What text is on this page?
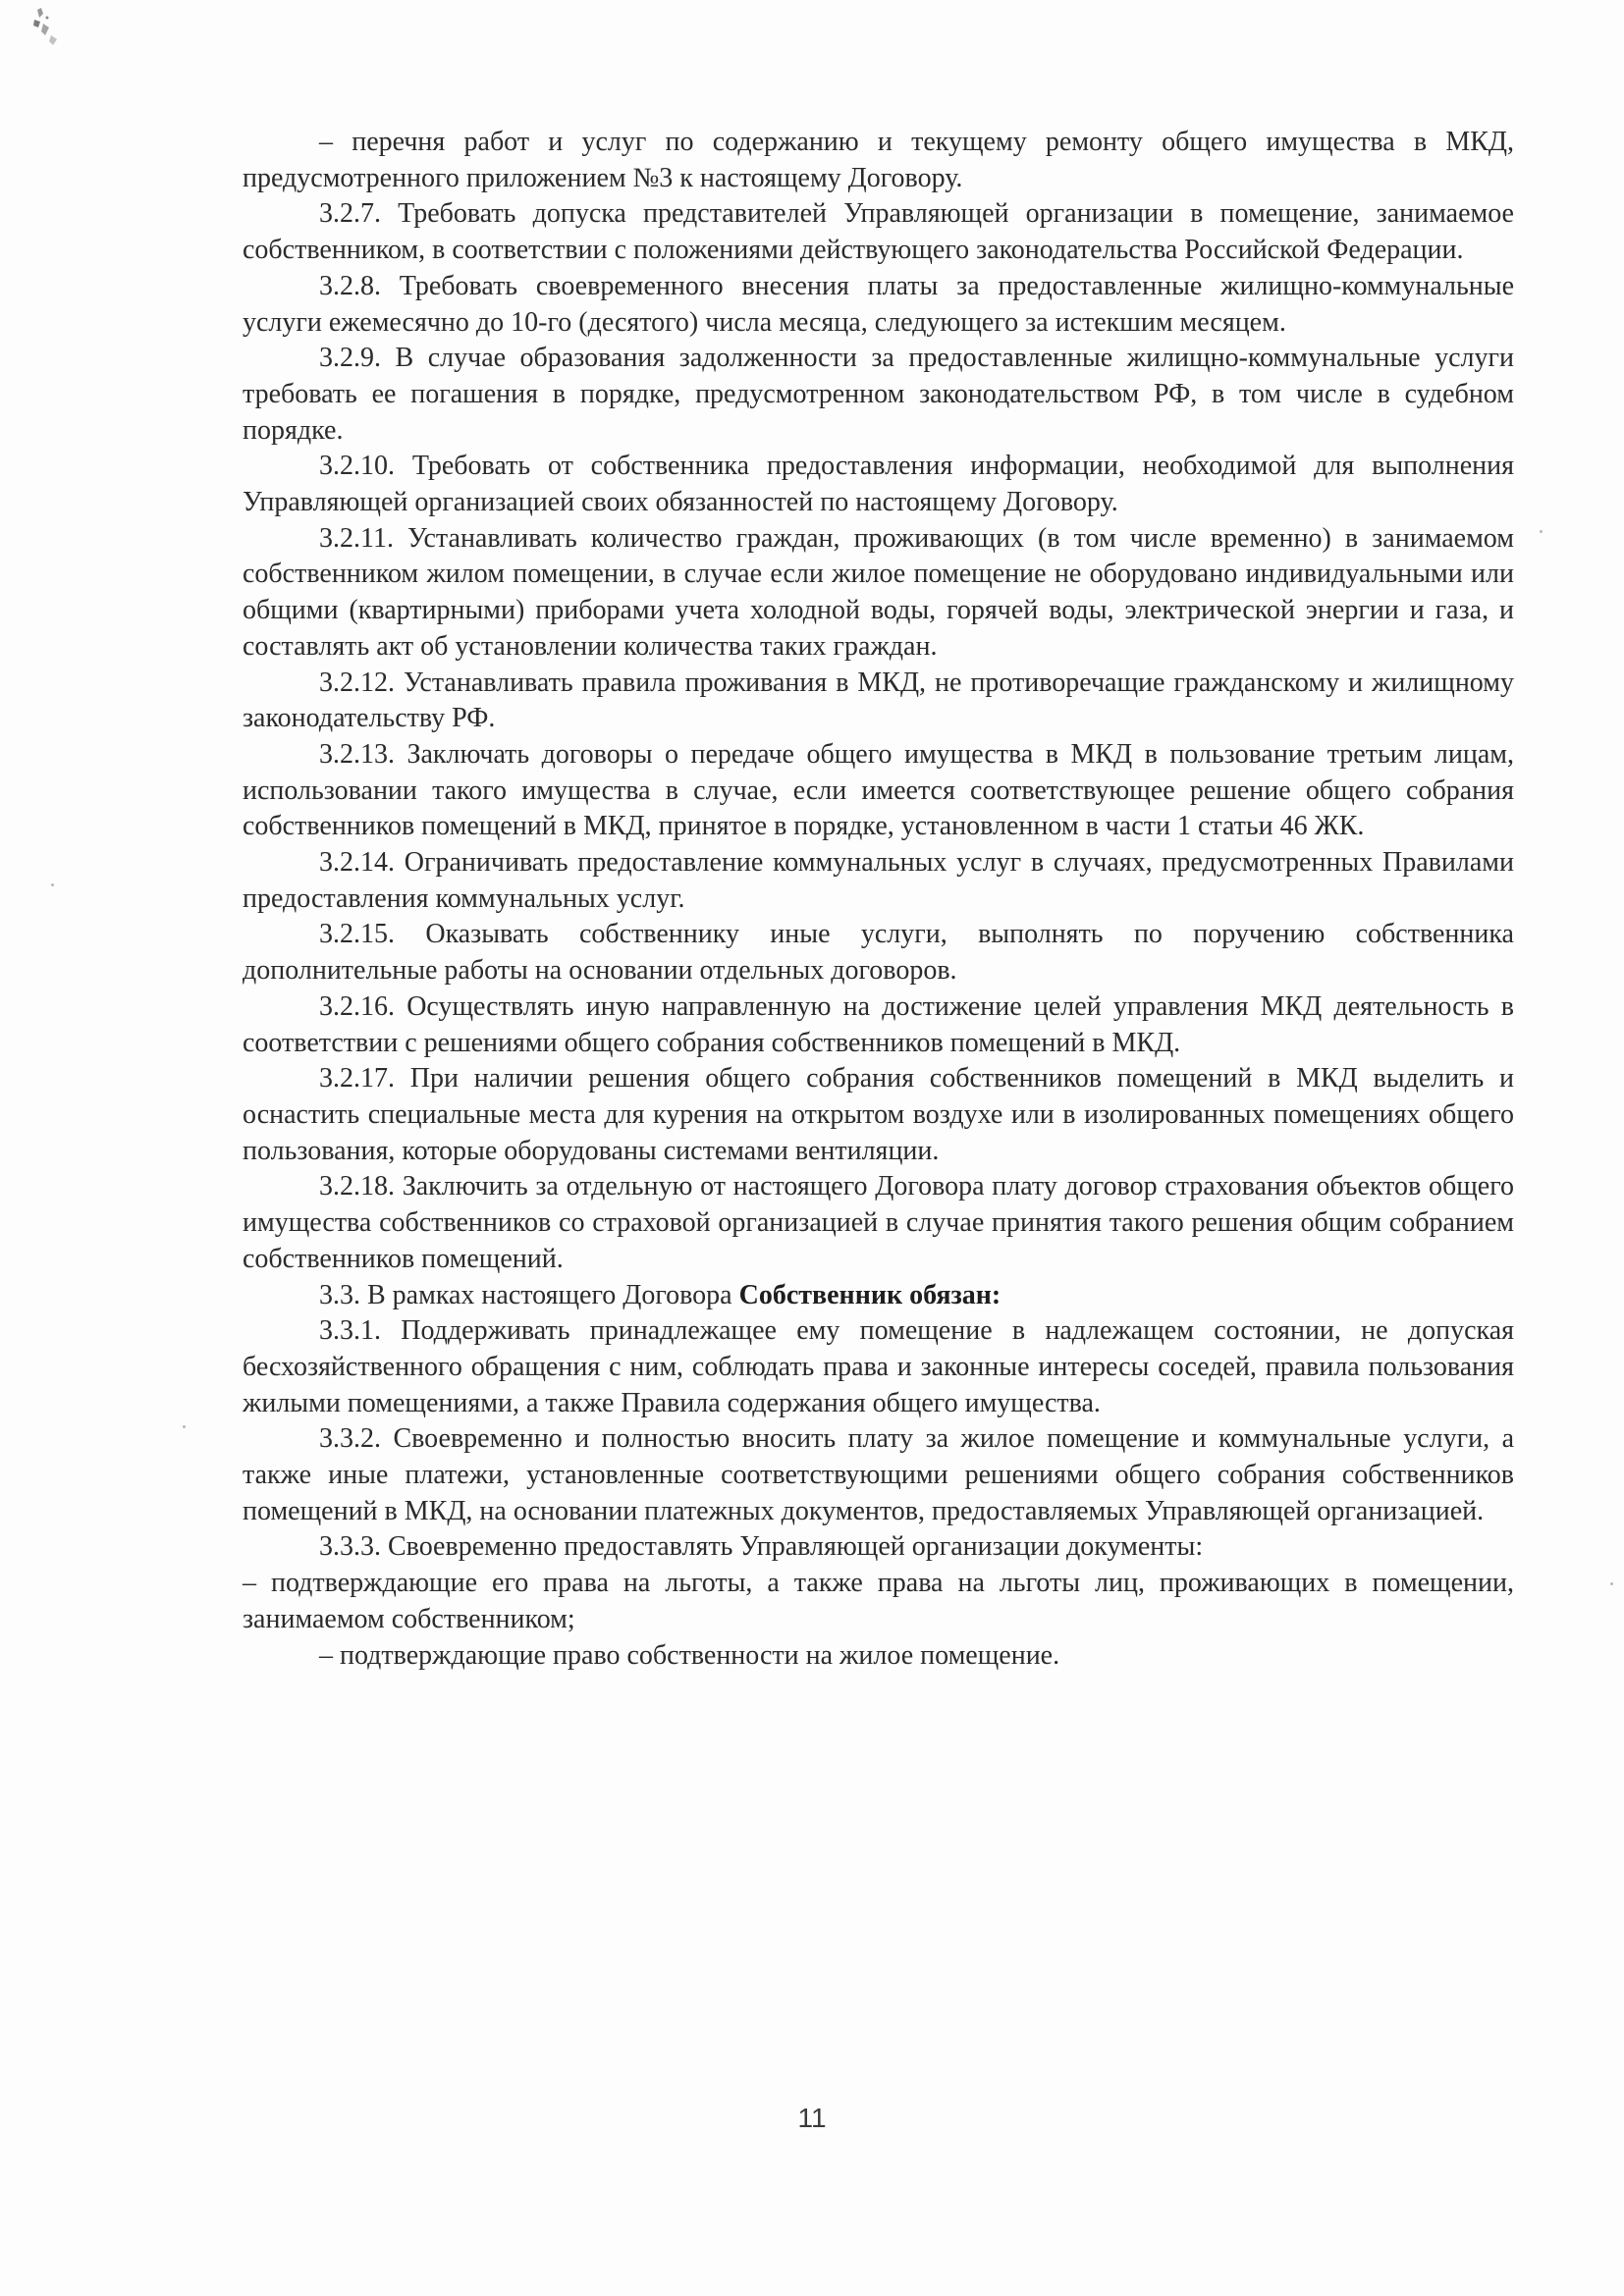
– перечня работ и услуг по содержанию и текущему ремонту общего имущества в МКД, предусмотренного приложением №3 к настоящему Договору.

3.2.7. Требовать допуска представителей Управляющей организации в помещение, занимаемое собственником, в соответствии с положениями действующего законодательства Российской Федерации.

3.2.8. Требовать своевременного внесения платы за предоставленные жилищно-коммунальные услуги ежемесячно до 10-го (десятого) числа месяца, следующего за истекшим месяцем.

3.2.9. В случае образования задолженности за предоставленные жилищно-коммунальные услуги требовать ее погашения в порядке, предусмотренном законодательством РФ, в том числе в судебном порядке.

3.2.10. Требовать от собственника предоставления информации, необходимой для выполнения Управляющей организацией своих обязанностей по настоящему Договору.

3.2.11. Устанавливать количество граждан, проживающих (в том числе временно) в занимаемом собственником жилом помещении, в случае если жилое помещение не оборудовано индивидуальными или общими (квартирными) приборами учета холодной воды, горячей воды, электрической энергии и газа, и составлять акт об установлении количества таких граждан.

3.2.12. Устанавливать правила проживания в МКД, не противоречащие гражданскому и жилищному законодательству РФ.

3.2.13. Заключать договоры о передаче общего имущества в МКД в пользование третьим лицам, использовании такого имущества в случае, если имеется соответствующее решение общего собрания собственников помещений в МКД, принятое в порядке, установленном в части 1 статьи 46 ЖК.

3.2.14. Ограничивать предоставление коммунальных услуг в случаях, предусмотренных Правилами предоставления коммунальных услуг.

3.2.15. Оказывать собственнику иные услуги, выполнять по поручению собственника дополнительные работы на основании отдельных договоров.

3.2.16. Осуществлять иную направленную на достижение целей управления МКД деятельность в соответствии с решениями общего собрания собственников помещений в МКД.

3.2.17. При наличии решения общего собрания собственников помещений в МКД выделить и оснастить специальные места для курения на открытом воздухе или в изолированных помещениях общего пользования, которые оборудованы системами вентиляции.

3.2.18. Заключить за отдельную от настоящего Договора плату договор страхования объектов общего имущества собственников со страховой организацией в случае принятия такого решения общим собранием собственников помещений.

3.3. В рамках настоящего Договора Собственник обязан:

3.3.1. Поддерживать принадлежащее ему помещение в надлежащем состоянии, не допуская бесхозяйственного обращения с ним, соблюдать права и законные интересы соседей, правила пользования жилыми помещениями, а также Правила содержания общего имущества.

3.3.2. Своевременно и полностью вносить плату за жилое помещение и коммунальные услуги, а также иные платежи, установленные соответствующими решениями общего собрания собственников помещений в МКД, на основании платежных документов, предоставляемых Управляющей организацией.

3.3.3. Своевременно предоставлять Управляющей организации документы:

– подтверждающие его права на льготы, а также права на льготы лиц, проживающих в помещении, занимаемом собственником;

– подтверждающие право собственности на жилое помещение.

11
